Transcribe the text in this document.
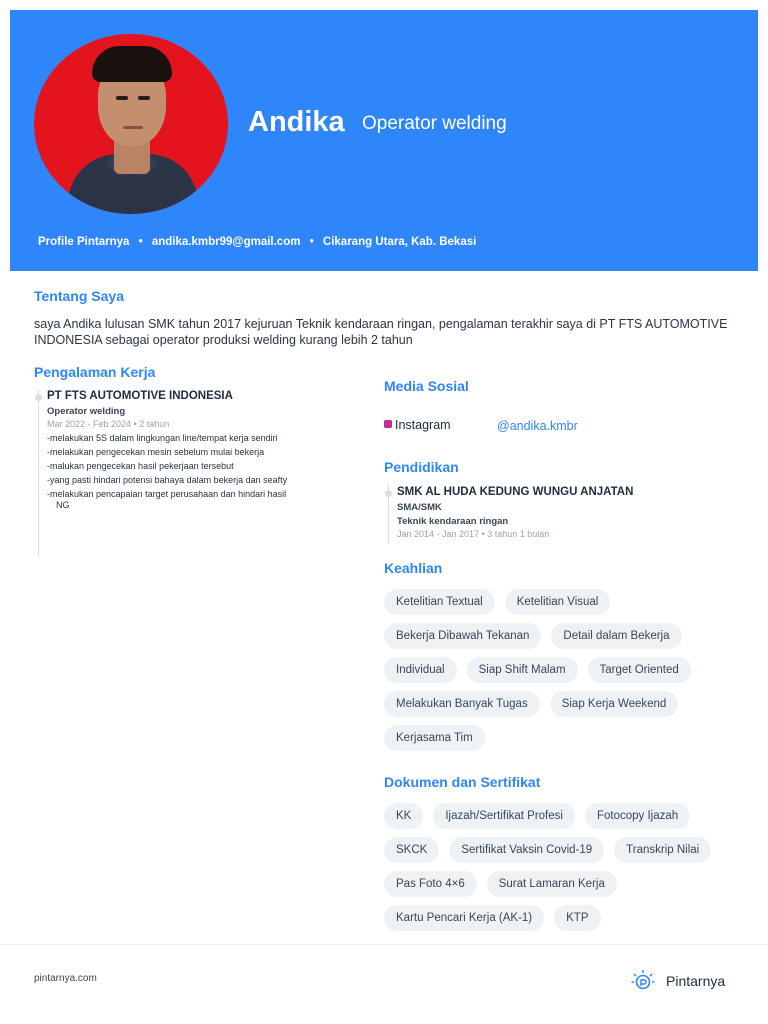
Andika Operator welding
Profile Pintarnya • andika.kmbr99@gmail.com • Cikarang Utara, Kab. Bekasi
Tentang Saya
saya Andika lulusan SMK tahun 2017 kejuruan Teknik kendaraan ringan, pengalaman terakhir saya di PT FTS AUTOMOTIVE INDONESIA sebagai operator produksi welding kurang lebih 2 tahun
Pengalaman Kerja
PT FTS AUTOMOTIVE INDONESIA
Operator welding
Mar 2022 - Feb 2024 • 2 tahun
-melakukan 5S dalam lingkungan line/tempat kerja sendiri
-melakukan pengecekan mesin sebelum mulai bekerja
-malukan pengecekan hasil pekerjaan tersebut
-yang pasti hindari potensi bahaya dalam bekerja dan seafty
-melakukan pencapaian target perusahaan dan hindari hasil NG
Media Sosial
Instagram	@andika.kmbr
Pendidikan
SMK AL HUDA KEDUNG WUNGU ANJATAN
SMA/SMK
Teknik kendaraan ringan
Jan 2014 - Jan 2017 • 3 tahun 1 bulan
Keahlian
Ketelitian Textual	Ketelitian Visual
Bekerja Dibawah Tekanan	Detail dalam Bekerja
Individual	Siap Shift Malam	Target Oriented
Melakukan Banyak Tugas	Siap Kerja Weekend
Kerjasama Tim
Dokumen dan Sertifikat
KK	Ijazah/Sertifikat Profesi	Fotocopy Ijazah
SKCK	Sertifikat Vaksin Covid-19	Transkrip Nilai
Pas Foto 4×6	Surat Lamaran Kerja
Kartu Pencari Kerja (AK-1)	KTP
pintarnya.com	Pintarnya
